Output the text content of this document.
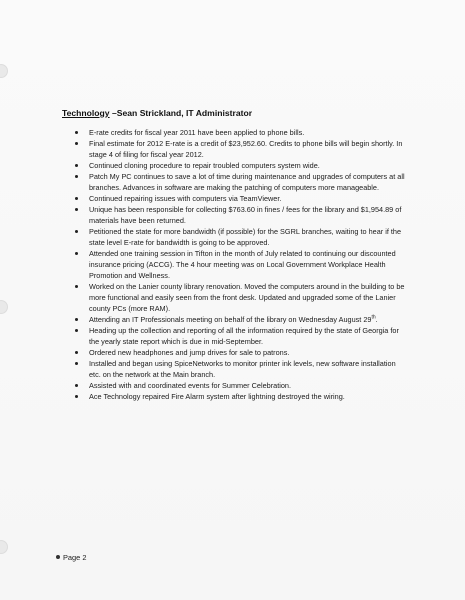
Technology –Sean Strickland, IT Administrator
E-rate credits for fiscal year 2011 have been applied to phone bills.
Final estimate for 2012 E-rate is a credit of $23,952.60. Credits to phone bills will begin shortly. In stage 4 of filing for fiscal year 2012.
Continued cloning procedure to repair troubled computers system wide.
Patch My PC continues to save a lot of time during maintenance and upgrades of computers at all branches. Advances in software are making the patching of computers more manageable.
Continued repairing issues with computers via TeamViewer.
Unique has been responsible for collecting $763.60 in fines / fees for the library and $1,954.89 of materials have been returned.
Petitioned the state for more bandwidth (if possible) for the SGRL branches, waiting to hear if the state level E-rate for bandwidth is going to be approved.
Attended one training session in Tifton in the month of July related to continuing our discounted insurance pricing (ACCG). The 4 hour meeting was on Local Government Workplace Health Promotion and Wellness.
Worked on the Lanier county library renovation. Moved the computers around in the building to be more functional and easily seen from the front desk. Updated and upgraded some of the Lanier county PCs (more RAM).
Attending an IT Professionals meeting on behalf of the library on Wednesday August 29th.
Heading up the collection and reporting of all the information required by the state of Georgia for the yearly state report which is due in mid-September.
Ordered new headphones and jump drives for sale to patrons.
Installed and began using SpiceNetworks to monitor printer ink levels, new software installation etc. on the network at the Main branch.
Assisted with and coordinated events for Summer Celebration.
Ace Technology repaired Fire Alarm system after lightning destroyed the wiring.
Page 2
